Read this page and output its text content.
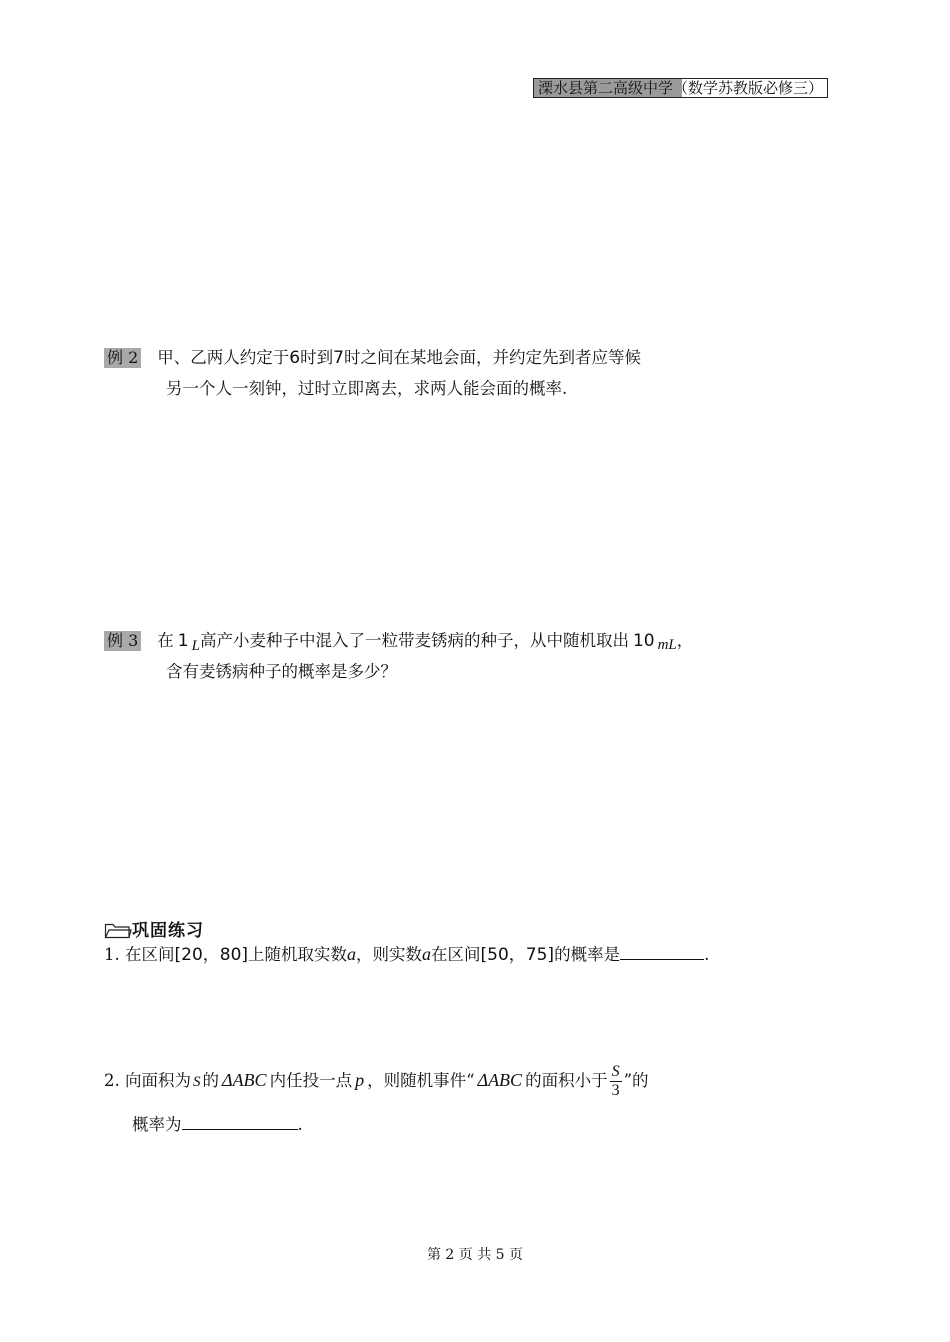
溧水县第二高级中学（数学苏教版必修三）
例 2 甲、乙两人约定于6时到7时之间在某地会面，并约定先到者应等候
另一个人一刻钟，过时立即离去，求两人能会面的概率.
例 3 在 1 L高产小麦种子中混入了一粒带麦锈病的种子，从中随机取出 10 mL，
含有麦锈病种子的概率是多少？
巩固练习
1. 在区间[20，80]上随机取实数a，则实数a在区间[50，75]的概率是	.
2. 向面积为 S 的 ΔABC 内任投一点 p ，则随机事件“ ΔABC 的面积小于 $\frac{S}{3}$ ”的
概率为	.
第 2 页 共 5 页
